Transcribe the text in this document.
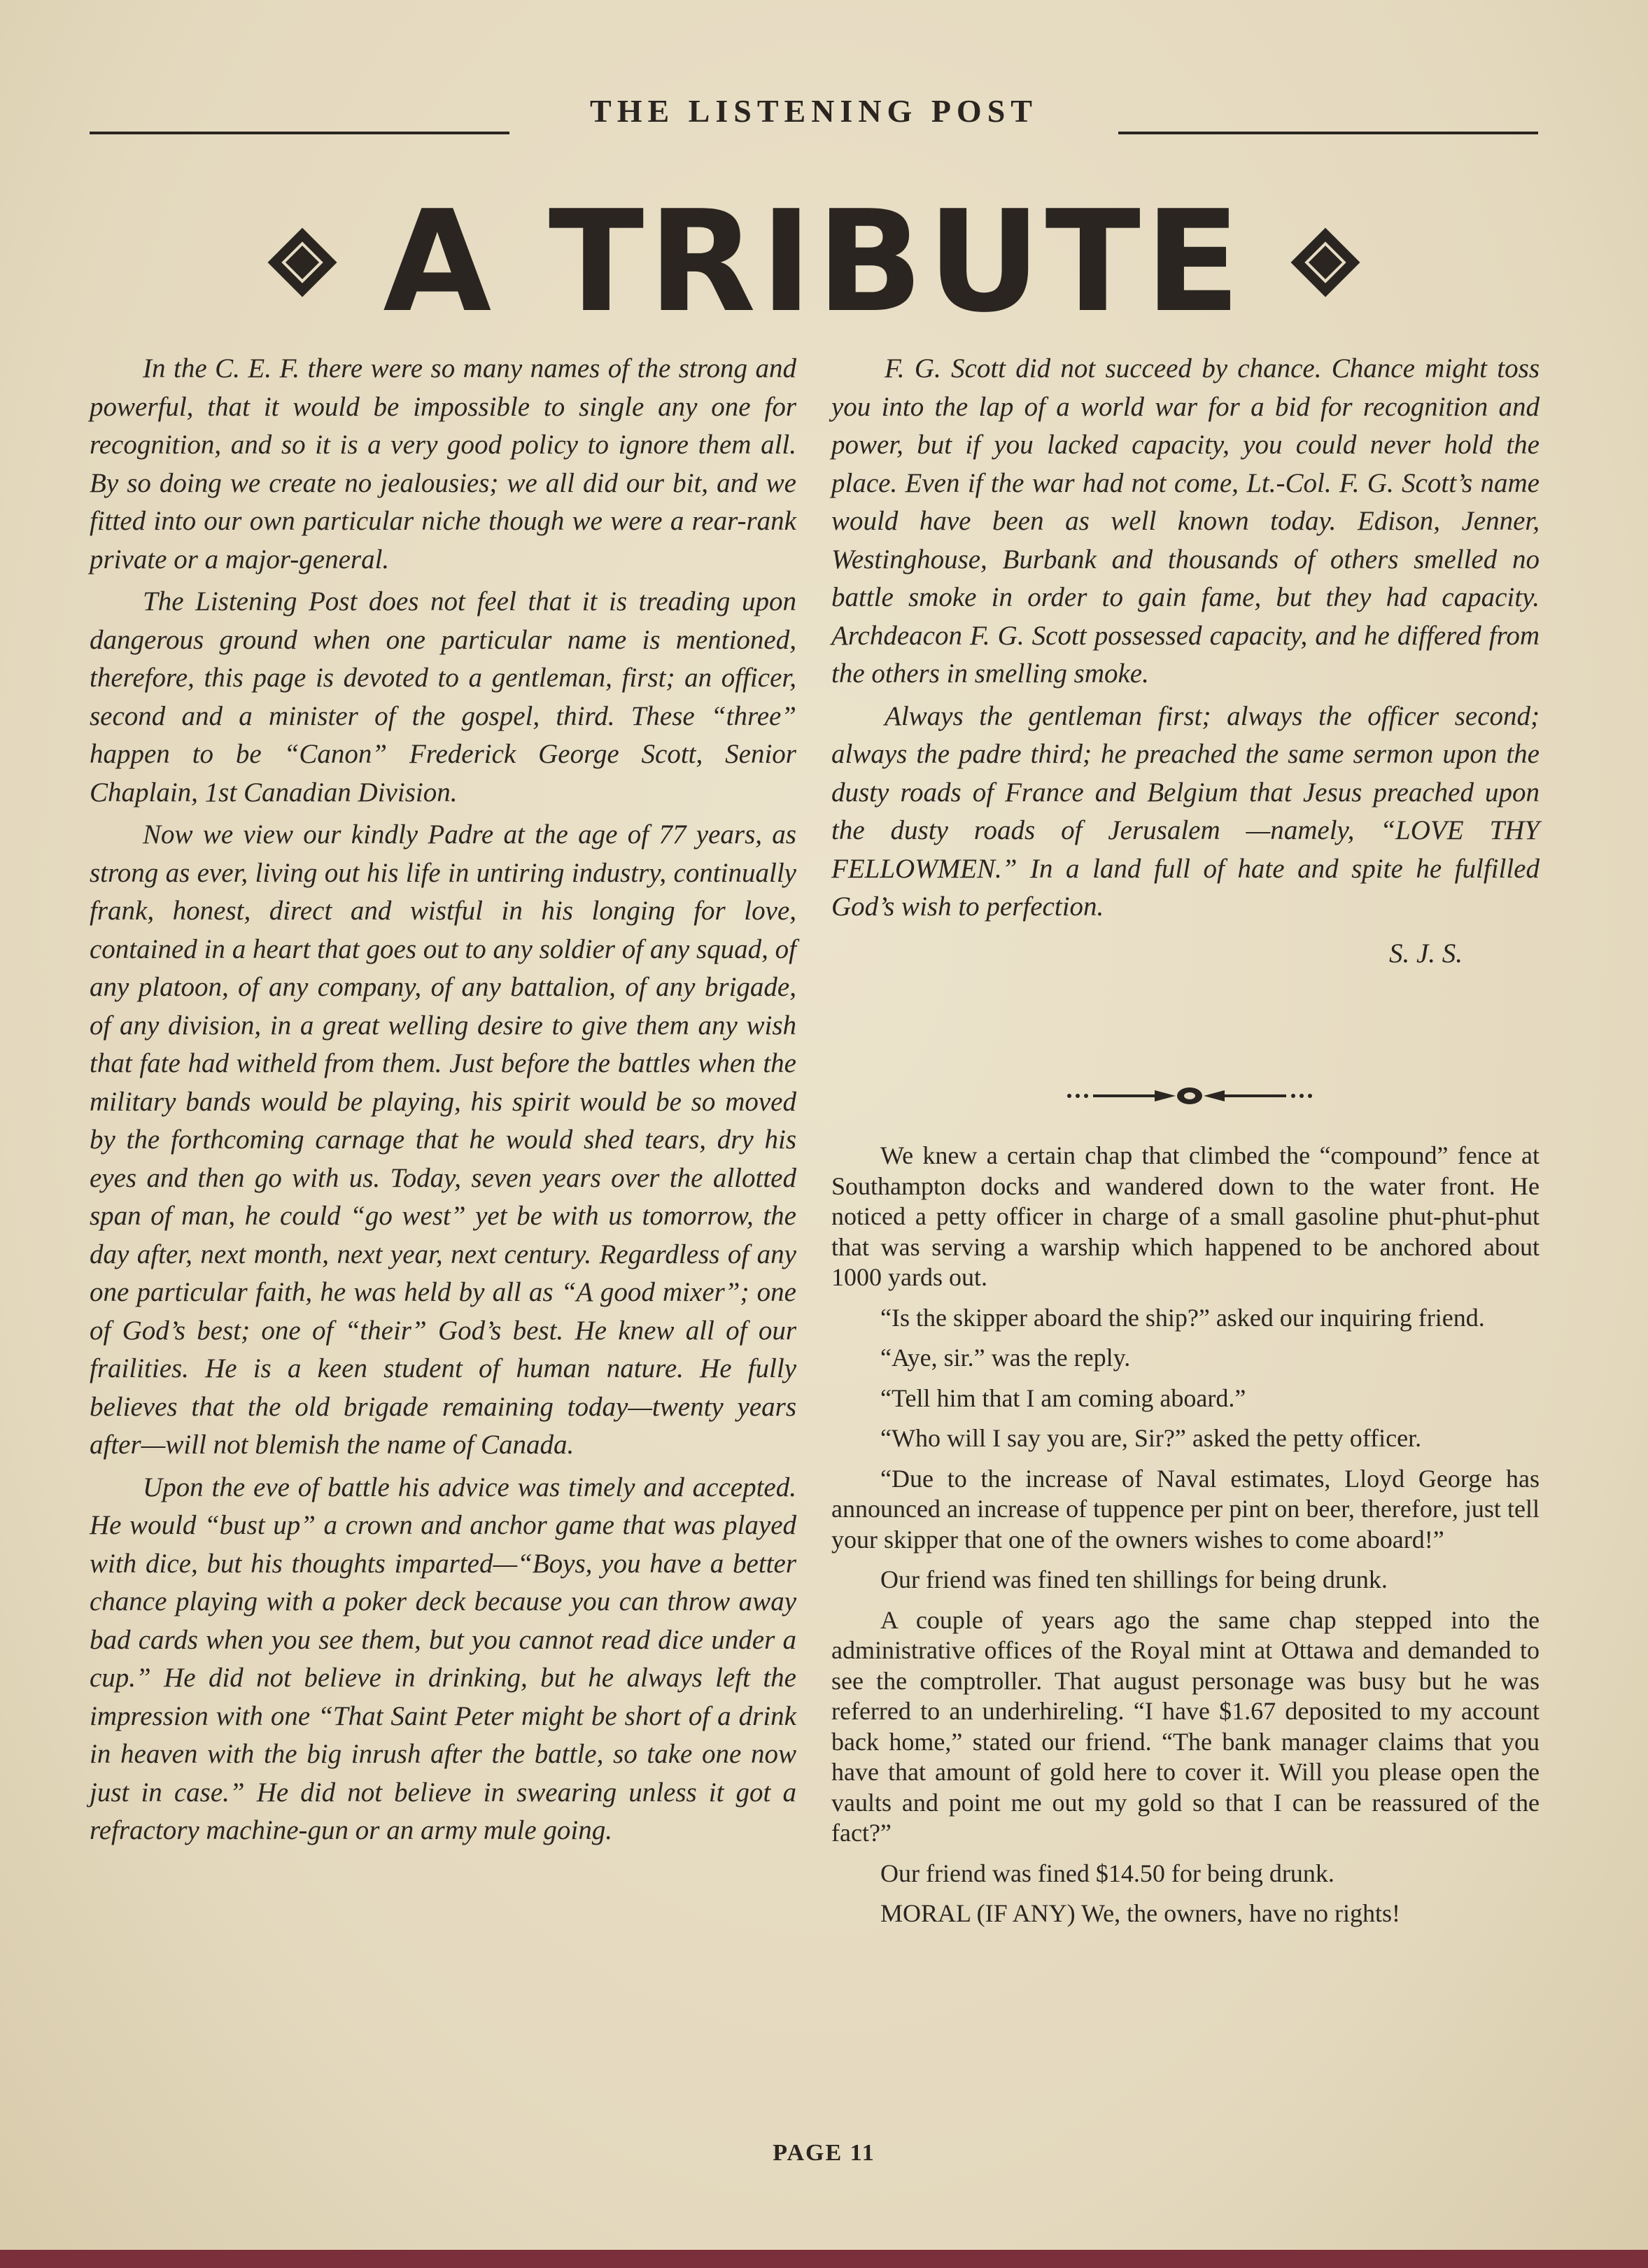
THE LISTENING POST
A TRIBUTE

In the C. E. F. there were so many names of the strong and powerful, that it would be impossible to single any one for recognition, and so it is a very good policy to ignore them all. By so doing we create no jealousies; we all did our bit, and we fitted into our own particular niche though we were a rear-rank private or a major-general.

The Listening Post does not feel that it is treading upon dangerous ground when one particular name is mentioned, therefore, this page is devoted to a gentleman, first; an officer, second and a minister of the gospel, third. These “three” happen to be “Canon” Frederick George Scott, Senior Chaplain, 1st Canadian Division.

Now we view our kindly Padre at the age of 77 years, as strong as ever, living out his life in untiring industry, continually frank, honest, direct and wistful in his longing for love, contained in a heart that goes out to any soldier of any squad, of any platoon, of any company, of any battalion, of any brigade, of any division, in a great welling desire to give them any wish that fate had witheld from them. Just before the battles when the military bands would be playing, his spirit would be so moved by the forthcoming carnage that he would shed tears, dry his eyes and then go with us. Today, seven years over the allotted span of man, he could “go west” yet be with us tomorrow, the day after, next month, next year, next century. Regardless of any one particular faith, he was held by all as “A good mixer”; one of God’s best; one of “their” God’s best. He knew all of our frailities. He is a keen student of human nature. He fully believes that the old brigade remaining today—twenty years after—will not blemish the name of Canada.

Upon the eve of battle his advice was timely and accepted. He would “bust up” a crown and anchor game that was played with dice, but his thoughts imparted—“Boys, you have a better chance playing with a poker deck because you can throw away bad cards when you see them, but you cannot read dice under a cup.” He did not believe in drinking, but he always left the impression with one “That Saint Peter might be short of a drink in heaven with the big inrush after the battle, so take one now just in case.” He did not believe in swearing unless it got a refractory machine-gun or an army mule going.

F. G. Scott did not succeed by chance. Chance might toss you into the lap of a world war for a bid for recognition and power, but if you lacked capacity, you could never hold the place. Even if the war had not come, Lt.-Col. F. G. Scott’s name would have been as well known today. Edison, Jenner, Westinghouse, Burbank and thousands of others smelled no battle smoke in order to gain fame, but they had capacity. Archdeacon F. G. Scott possessed capacity, and he differed from the others in smelling smoke.

Always the gentleman first; always the officer second; always the padre third; he preached the same sermon upon the dusty roads of France and Belgium that Jesus preached upon the dusty roads of Jerusalem —namely, “LOVE THY FELLOWMEN.” In a land full of hate and spite he fulfilled God’s wish to perfection.

S. J. S.

We knew a certain chap that climbed the “compound” fence at Southampton docks and wandered down to the water front. He noticed a petty officer in charge of a small gasoline phut-phut-phut that was serving a warship which happened to be anchored about 1000 yards out.

“Is the skipper aboard the ship?” asked our inquiring friend.

“Aye, sir.” was the reply.

“Tell him that I am coming aboard.”

“Who will I say you are, Sir?” asked the petty officer.

“Due to the increase of Naval estimates, Lloyd George has announced an increase of tuppence per pint on beer, therefore, just tell your skipper that one of the owners wishes to come aboard!”

Our friend was fined ten shillings for being drunk.

A couple of years ago the same chap stepped into the administrative offices of the Royal mint at Ottawa and demanded to see the comptroller. That august personage was busy but he was referred to an underhireling. “I have $1.67 deposited to my account back home,” stated our friend. “The bank manager claims that you have that amount of gold here to cover it. Will you please open the vaults and point me out my gold so that I can be reassured of the fact?”

Our friend was fined $14.50 for being drunk.

MORAL (IF ANY) We, the owners, have no rights!

PAGE 11
